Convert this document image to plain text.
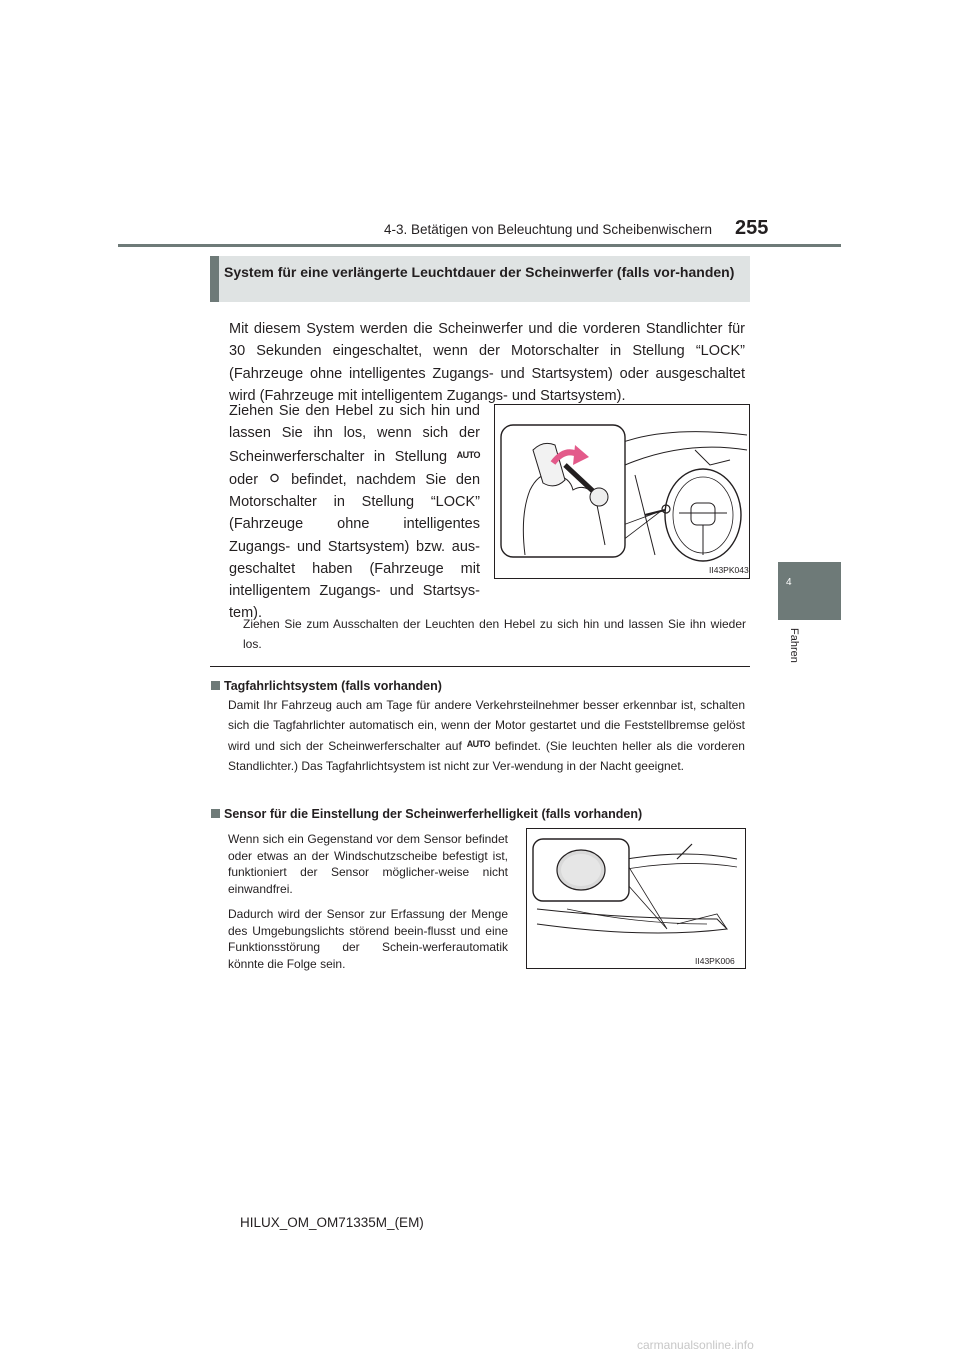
4-3. Betätigen von Beleuchtung und Scheibenwischern 255
4
Fahren
System für eine verlängerte Leuchtdauer der Scheinwerfer (falls vor-handen)
Mit diesem System werden die Scheinwerfer und die vorderen Standlichter für 30 Sekunden eingeschaltet, wenn der Motorschalter in Stellung “LOCK” (Fahrzeuge ohne intelligentes Zugangs- und Startsystem) oder ausgeschaltet wird (Fahrzeuge mit intelligentem Zugangs- und Startsystem).
Ziehen Sie den Hebel zu sich hin und lassen Sie ihn los, wenn sich der Scheinwerferschalter in Stellung AUTO oder befindet, nachdem Sie den Motorschalter in Stellung “LOCK” (Fahrzeuge ohne intelligentes Zugangs- und Startsystem) bzw. aus-geschaltet haben (Fahrzeuge mit intelligentem Zugangs- und Startsys-tem).
II43PK043
Ziehen Sie zum Ausschalten der Leuchten den Hebel zu sich hin und lassen Sie ihn wieder los.
Tagfahrlichtsystem (falls vorhanden)
Damit Ihr Fahrzeug auch am Tage für andere Verkehrsteilnehmer besser erkennbar ist, schalten sich die Tagfahrlichter automatisch ein, wenn der Motor gestartet und die Feststellbremse gelöst wird und sich der Scheinwerferschalter auf AUTO befindet. (Sie leuchten heller als die vorderen Standlichter.) Das Tagfahrlichtsystem ist nicht zur Ver-wendung in der Nacht geeignet.
Sensor für die Einstellung der Scheinwerferhelligkeit (falls vorhanden)
Wenn sich ein Gegenstand vor dem Sensor befindet oder etwas an der Windschutzscheibe befestigt ist, funktioniert der Sensor möglicher-weise nicht einwandfrei.
Dadurch wird der Sensor zur Erfassung der Menge des Umgebungslichts störend beein-flusst und eine Funktionsstörung der Schein-werferautomatik könnte die Folge sein.	II43PK006
HILUX_OM_OM71335M_(EM)
carmanualsonline.info
